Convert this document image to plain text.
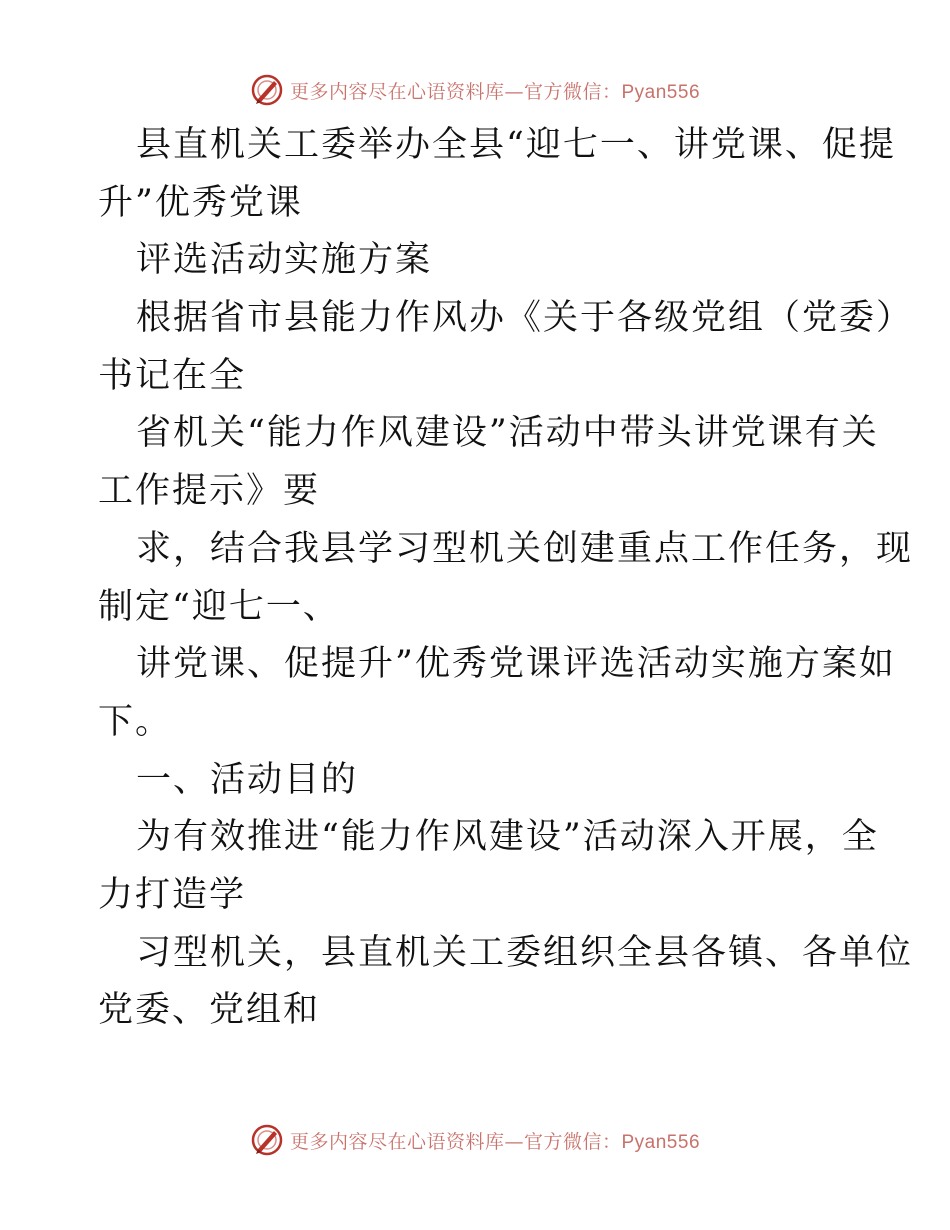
更多内容尽在心语资料库—官方微信：Pyan556

县直机关工委举办全县“迎七一、讲党课、促提

升”优秀党课

评选活动实施方案

根据省市县能力作风办《关于各级党组（党委）

书记在全

省机关“能力作风建设”活动中带头讲党课有关

工作提示》要

求，结合我县学习型机关创建重点工作任务，现

制定“迎七一、

讲党课、促提升”优秀党课评选活动实施方案如

下。

一、活动目的

为有效推进“能力作风建设”活动深入开展，全

力打造学

习型机关，县直机关工委组织全县各镇、各单位

党委、党组和

更多内容尽在心语资料库—官方微信：Pyan556
